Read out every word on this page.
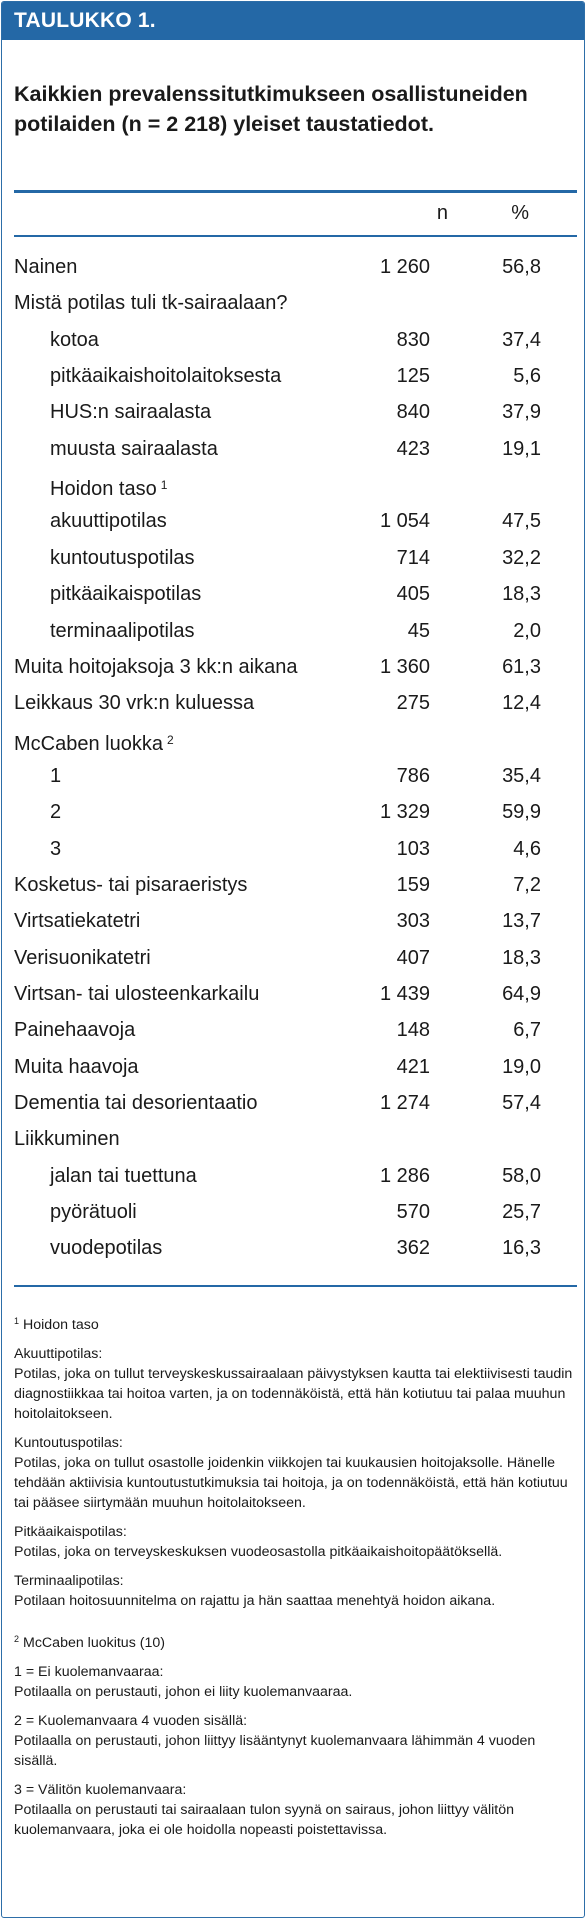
TAULUKKO 1.
Kaikkien prevalenssitutkimukseen osallistuneiden potilaiden (n = 2 218) yleiset taustatiedot.
n	%
Nainen	1 260	56,8
Mistä potilas tuli tk-sairaalaan?
kotoa	830	37,4
pitkäaikaishoitolaitoksesta	125	5,6
HUS:n sairaalasta	840	37,9
muusta sairaalasta	423	19,1
Hoidon taso $^1$
akuuttipotilas	1 054	47,5
kuntoutuspotilas	714	32,2
pitkäaikaispotilas	405	18,3
terminaalipotilas	45	2,0
Muita hoitojaksoja 3 kk:n aikana	1 360	61,3
Leikkaus 30 vrk:n kuluessa	275	12,4
McCaben luokka $^2$
1	786	35,4
2	1 329	59,9
3	103	4,6
Kosketus- tai pisaraeristys	159	7,2
Virtsatiekatetri	303	13,7
Verisuonikatetri	407	18,3
Virtsan- tai ulosteenkarkailu	1 439	64,9
Painehaavoja	148	6,7
Muita haavoja	421	19,0
Dementia tai desorientaatio	1 274	57,4
Liikkuminen
jalan tai tuettuna	1 286	58,0
pyörätuoli	570	25,7
vuodepotilas	362	16,3

$^1$ Hoidon taso

Akuuttipotilas:

Potilas, joka on tullut terveyskeskussairaalaan päivystyksen kautta tai elektiivisesti taudin diagnostiikkaa tai hoitoa varten, ja on todennäköistä, että hän kotiutuu tai palaa muuhun hoitolaitokseen.

Kuntoutuspotilas:

Potilas, joka on tullut osastolle joidenkin viikkojen tai kuukausien hoitojaksolle. Hänelle tehdään aktiivisia kuntoutustutkimuksia tai hoitoja, ja on todennäköistä, että hän kotiutuu tai pääsee siirtymään muuhun hoitolaitokseen.

Pitkäaikaispotilas:

Potilas, joka on terveyskeskuksen vuodeosastolla pitkäaikaishoitopäätöksellä.

Terminaalipotilas:

Potilaan hoitosuunnitelma on rajattu ja hän saattaa menehtyä hoidon aikana.

$^2$ McCaben luokitus (10)

1 = Ei kuolemanvaaraa:

Potilaalla on perustauti, johon ei liity kuolemanvaaraa.

2 = Kuolemanvaara 4 vuoden sisällä:

Potilaalla on perustauti, johon liittyy lisääntynyt kuolemanvaara lähimmän 4 vuoden sisällä.

3 = Välitön kuolemanvaara:

Potilaalla on perustauti tai sairaalaan tulon syynä on sairaus, johon liittyy välitön kuolemanvaara, joka ei ole hoidolla nopeasti poistettavissa.
